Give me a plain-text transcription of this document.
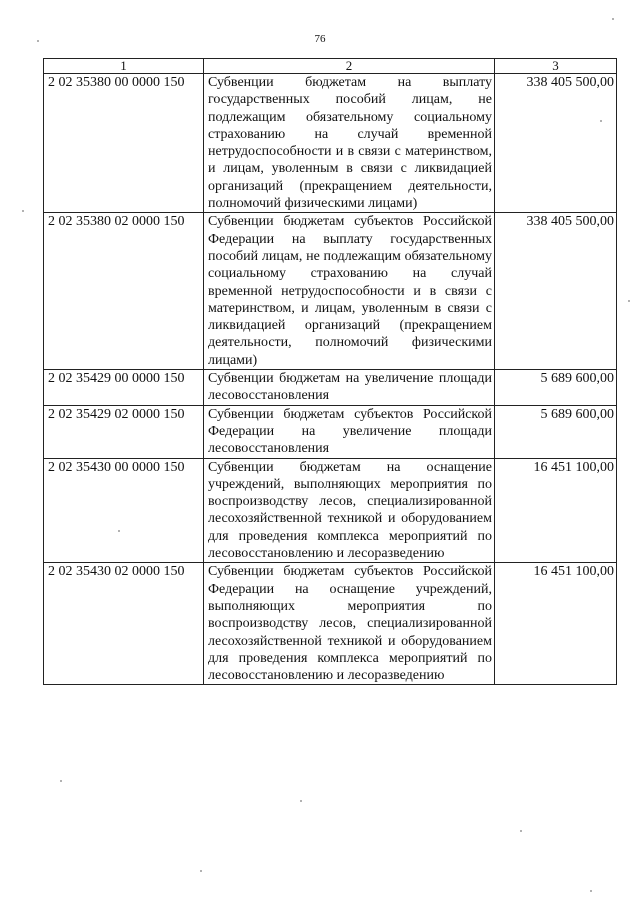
76
1	2	3
2 02 35380 00 0000 150	Субвенции бюджетам на выплату государственных пособий лицам, не подлежащим обязательному социальному страхованию на случай временной нетрудоспособности и в связи с материнством, и лицам, уволенным в связи с ликвидацией организаций (прекращением деятельности, полномочий физическими лицами)	338 405 500,00
2 02 35380 02 0000 150	Субвенции бюджетам субъектов Российской Федерации на выплату государственных пособий лицам, не подлежащим обязательному социальному страхованию на случай временной нетрудоспособности и в связи с материнством, и лицам, уволенным в связи с ликвидацией организаций (прекращением деятельности, полномочий физическими лицами)	338 405 500,00
2 02 35429 00 0000 150	Субвенции бюджетам на увеличение площади лесовосстановления	5 689 600,00
2 02 35429 02 0000 150	Субвенции бюджетам субъектов Российской Федерации на увеличение площади лесовосстановления	5 689 600,00
2 02 35430 00 0000 150	Субвенции бюджетам на оснащение учреждений, выполняющих мероприятия по воспроизводству лесов, специализированной лесохозяйственной техникой и оборудованием для проведения комплекса мероприятий по лесовосстановлению и лесоразведению	16 451 100,00
2 02 35430 02 0000 150	Субвенции бюджетам субъектов Российской Федерации на оснащение учреждений, выполняющих мероприятия по воспроизводству лесов, специализированной лесохозяйственной техникой и оборудованием для проведения комплекса мероприятий по лесовосстановлению и лесоразведению	16 451 100,00
